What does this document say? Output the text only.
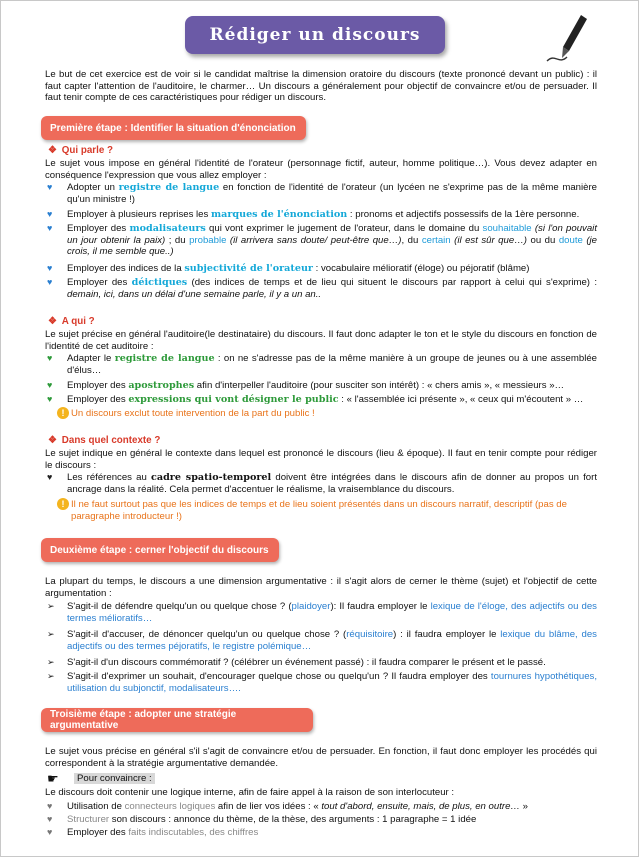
Rédiger un discours
Le but de cet exercice est de voir si le candidat maîtrise la dimension oratoire du discours (texte prononcé devant un public) : il faut capter l'attention de l'auditoire, le charmer… Un discours a généralement pour objectif de convaincre et/ou de persuader. Il faut tenir compte de ces caractéristiques pour rédiger un discours.
Première étape : Identifier la situation d'énonciation
❖ Qui parle ?
Le sujet vous impose en général l'identité de l'orateur (personnage fictif, auteur, homme politique…). Vous devez adapter en conséquence l'expression que vous allez employer :
♥ Adopter un registre de langue en fonction de l'identité de l'orateur (un lycéen ne s'exprime pas de la même manière qu'un ministre !)
♥ Employer à plusieurs reprises les marques de l'énonciation : pronoms et adjectifs possessifs de la 1ère personne.
♥ Employer des modalisateurs qui vont exprimer le jugement de l'orateur, dans le domaine du souhaitable (si l'on pouvait un jour obtenir la paix) ; du probable (il arrivera sans doute/ peut-être que…), du certain (il est sûr que…) ou du doute (je crois, il me semble que..)
♥ Employer des indices de la subjectivité de l'orateur : vocabulaire mélioratif (éloge) ou péjoratif (blâme)
♥ Employer des déictiques (des indices de temps et de lieu qui situent le discours par rapport à celui qui s'exprime) : demain, ici, dans un délai d'une semaine parle, il y a un an..
❖ A qui ?
Le sujet précise en général l'auditoire(le destinataire) du discours. Il faut donc adapter le ton et le style du discours en fonction de l'identité de cet auditoire :
♥ Adapter le registre de langue : on ne s'adresse pas de la même manière à un groupe de jeunes ou à une assemblée d'élus…
♥ Employer des apostrophes afin d'interpeller l'auditoire (pour susciter son intérêt) : « chers amis », « messieurs »…
♥ Employer des expressions qui vont désigner le public : « l'assemblée ici présente », « ceux qui m'écoutent » …
! Un discours exclut toute intervention de la part du public !
❖ Dans quel contexte ?
Le sujet indique en général le contexte dans lequel est prononcé le discours (lieu & époque). Il faut en tenir compte pour rédiger le discours :
♥ Les références au cadre spatio-temporel doivent être intégrées dans le discours afin de donner au propos un fort ancrage dans la réalité. Cela permet d'accentuer le réalisme, la vraisemblance du discours.
! Il ne faut surtout pas que les indices de temps et de lieu soient présentés dans un discours narratif, descriptif (pas de paragraphe introducteur !)
Deuxième étape : cerner l'objectif du discours
La plupart du temps, le discours a une dimension argumentative : il s'agit alors de cerner le thème (sujet) et l'objectif de cette argumentation :
➢ S'agit-il de défendre quelqu'un ou quelque chose ? (plaidoyer): Il faudra employer le lexique de l'éloge, des adjectifs ou des termes mélioratifs…
➢ S'agit-il d'accuser, de dénoncer quelqu'un ou quelque chose ? (réquisitoire) : il faudra employer le lexique du blâme, des adjectifs ou des termes péjoratifs, le registre polémique…
➢ S'agit-il d'un discours commémoratif ? (célébrer un événement passé) : il faudra comparer le présent et le passé.
➢ S'agit-il d'exprimer un souhait, d'encourager quelque chose ou quelqu'un ? Il faudra employer des tournures hypothétiques, utilisation du subjonctif, modalisateurs….
Troisième étape : adopter une stratégie argumentative
Le sujet vous précise en général s'il s'agit de convaincre et/ou de persuader. En fonction, il faut donc employer les procédés qui correspondent à la stratégie argumentative demandée.
☛	Pour convaincre :
Le discours doit contenir une logique interne, afin de faire appel à la raison de son interlocuteur :
♥ Utilisation de connecteurs logiques afin de lier vos idées : « tout d'abord, ensuite, mais, de plus, en outre… »
♥ Structurer son discours : annonce du thème, de la thèse, des arguments : 1 paragraphe = 1 idée
♥ Employer des faits indiscutables, des chiffres
